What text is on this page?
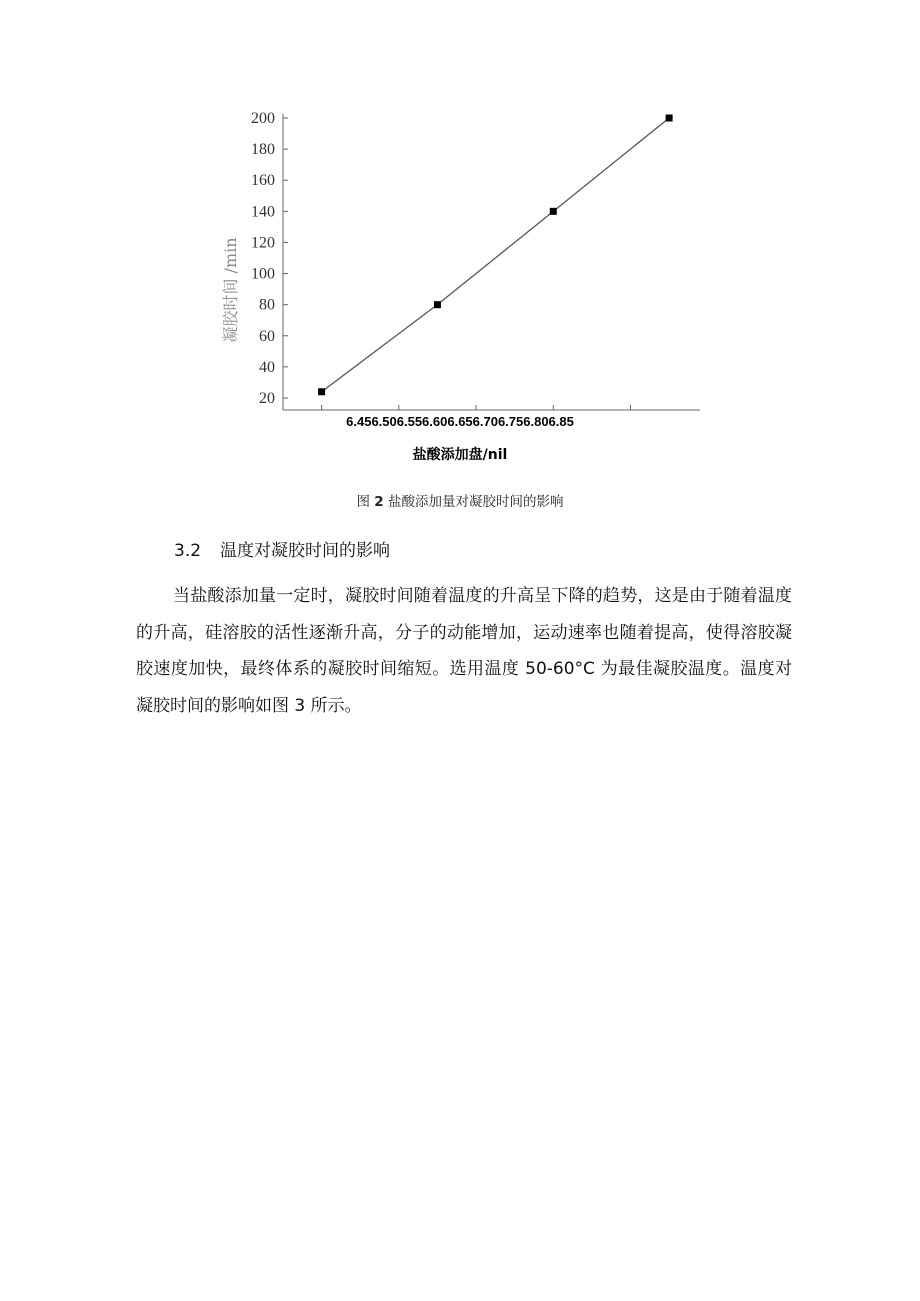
20
40
60
80
100
120
140
160
180
200
6.456.506.556.606.656.706.756.806.85
盐酸添加盘/nil
凝胶时间 /min
图 2 盐酸添加量对凝胶时间的影响
3.2 温度对凝胶时间的影响

当盐酸添加量一定时，凝胶时间随着温度的升高呈下降的趋势，这是由于随着温度的升高，硅溶胶的活性逐渐升高，分子的动能增加，运动速率也随着提高，使得溶胶凝胶速度加快，最终体系的凝胶时间缩短。选用温度 50-60°C 为最佳凝胶温度。温度对凝胶时间的影响如图 3 所示。
